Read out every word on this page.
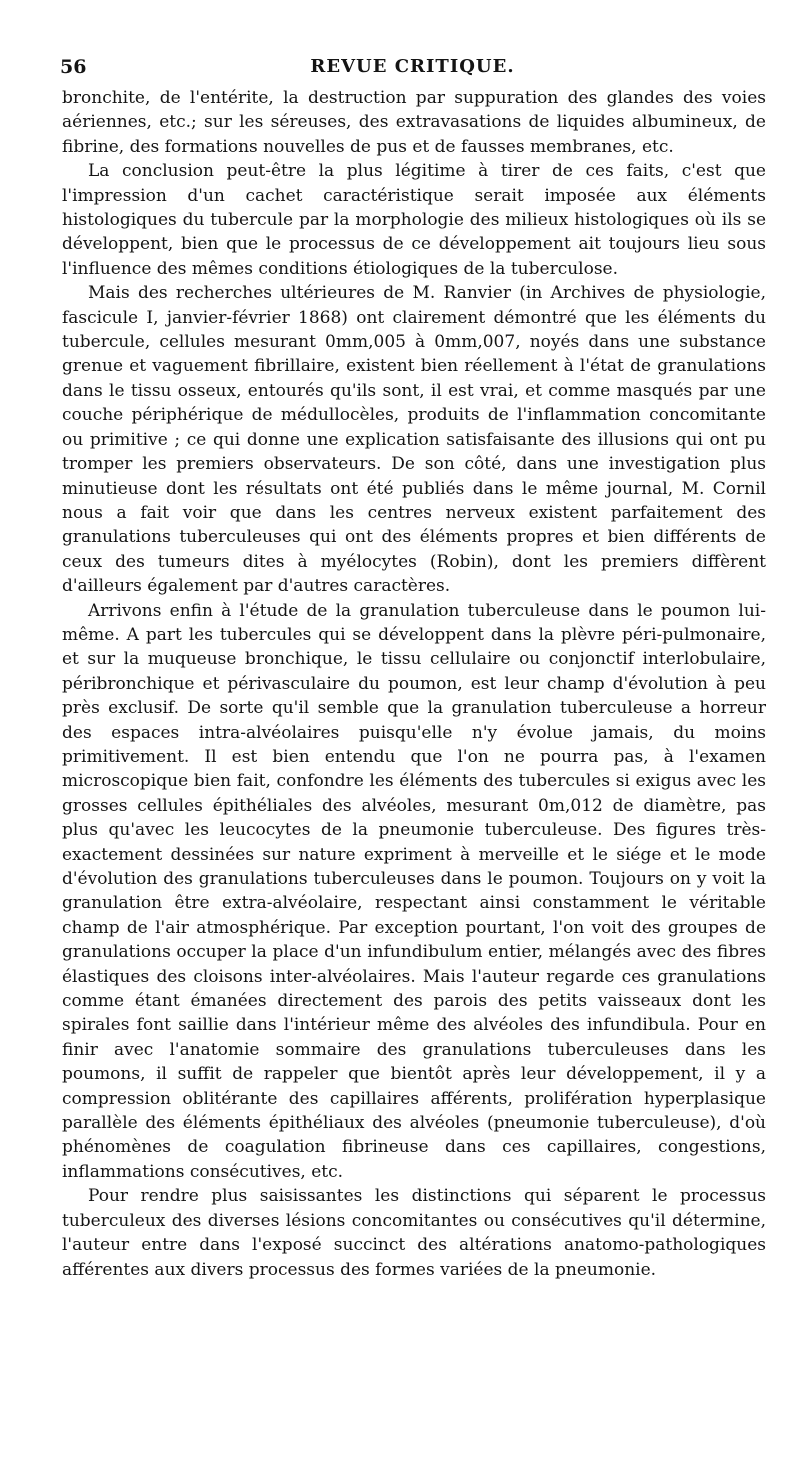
56	REVUE CRITIQUE.

bronchite, de l'entérite, la destruction par suppuration des glandes des voies aériennes, etc.; sur les séreuses, des extravasations de liquides albumineux, de fibrine, des formations nouvelles de pus et de fausses membranes, etc.

La conclusion peut-être la plus légitime à tirer de ces faits, c'est que l'impression d'un cachet caractéristique serait imposée aux éléments histologiques du tubercule par la morphologie des milieux histologiques où ils se développent, bien que le processus de ce développement ait toujours lieu sous l'influence des mêmes conditions étiologiques de la tuberculose.

Mais des recherches ultérieures de M. Ranvier (in Archives de physiologie, fascicule I, janvier-février 1868) ont clairement démontré que les éléments du tubercule, cellules mesurant 0mm,005 à 0mm,007, noyés dans une substance grenue et vaguement fibrillaire, existent bien réellement à l'état de granulations dans le tissu osseux, entourés qu'ils sont, il est vrai, et comme masqués par une couche périphérique de médullocèles, produits de l'inflammation concomitante ou primitive ; ce qui donne une explication satisfaisante des illusions qui ont pu tromper les premiers observateurs. De son côté, dans une investigation plus minutieuse dont les résultats ont été publiés dans le même journal, M. Cornil nous a fait voir que dans les centres nerveux existent parfaitement des granulations tuberculeuses qui ont des éléments propres et bien différents de ceux des tumeurs dites à myélocytes (Robin), dont les premiers diffèrent d'ailleurs également par d'autres caractères.

Arrivons enfin à l'étude de la granulation tuberculeuse dans le poumon lui-même. A part les tubercules qui se développent dans la plèvre péri-pulmonaire, et sur la muqueuse bronchique, le tissu cellulaire ou conjonctif interlobulaire, péribronchique et périvasculaire du poumon, est leur champ d'évolution à peu près exclusif. De sorte qu'il semble que la granulation tuberculeuse a horreur des espaces intra-alvéolaires puisqu'elle n'y évolue jamais, du moins primitivement. Il est bien entendu que l'on ne pourra pas, à l'examen microscopique bien fait, confondre les éléments des tubercules si exigus avec les grosses cellules épithéliales des alvéoles, mesurant 0m,012 de diamètre, pas plus qu'avec les leucocytes de la pneumonie tuberculeuse. Des figures très-exactement dessinées sur nature expriment à merveille et le siége et le mode d'évolution des granulations tuberculeuses dans le poumon. Toujours on y voit la granulation être extra-alvéolaire, respectant ainsi constamment le véritable champ de l'air atmosphérique. Par exception pourtant, l'on voit des groupes de granulations occuper la place d'un infundibulum entier, mélangés avec des fibres élastiques des cloisons inter-alvéolaires. Mais l'auteur regarde ces granulations comme étant émanées directement des parois des petits vaisseaux dont les spirales font saillie dans l'intérieur même des alvéoles des infundibula. Pour en finir avec l'anatomie sommaire des granulations tuberculeuses dans les poumons, il suffit de rappeler que bientôt après leur développement, il y a compression oblitérante des capillaires afférents, prolifération hyperplasique parallèle des éléments épithéliaux des alvéoles (pneumonie tuberculeuse), d'où phénomènes de coagulation fibrineuse dans ces capillaires, congestions, inflammations consécutives, etc.

Pour rendre plus saisissantes les distinctions qui séparent le processus tuberculeux des diverses lésions concomitantes ou consécutives qu'il détermine, l'auteur entre dans l'exposé succinct des altérations anatomo-pathologiques afférentes aux divers processus des formes variées de la pneumonie.
